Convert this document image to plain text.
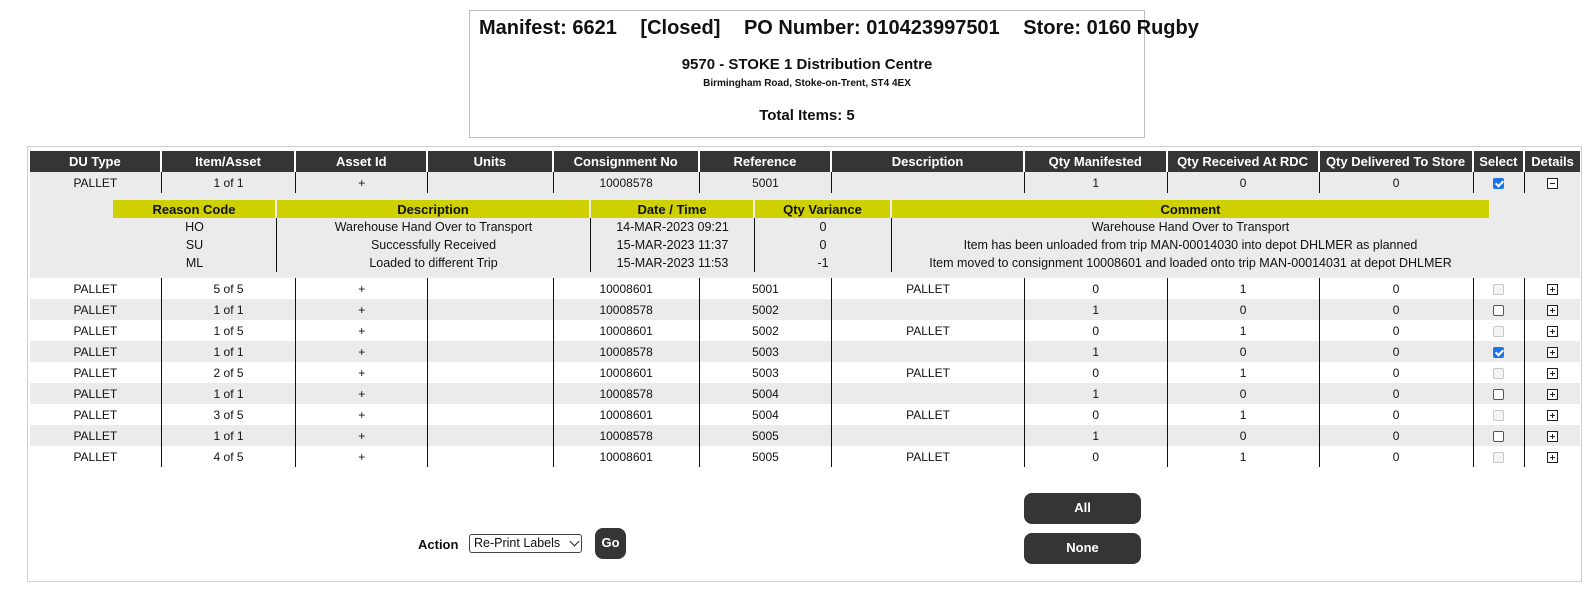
Manifest: 6621 [Closed] PO Number: 010423997501 Store: 0160 Rugby
9570 - STOKE 1 Distribution Centre
Birmingham Road, Stoke-on-Trent, ST4 4EX
Total Items: 5
DU Type	Item/Asset	Asset Id	Units	Consignment No	Reference	Description	Qty Manifested	Qty Received At RDC	Qty Delivered To Store	Select	Details
PALLET	1 of 1	+		10008578	5001		1	0	0		

Reason Code	Description	Date / Time	Qty Variance	Comment
HO	Warehouse Hand Over to Transport	14-MAR-2023 09:21	0	Warehouse Hand Over to Transport
SU	Successfully Received	15-MAR-2023 11:37	0	Item has been unloaded from trip MAN-00014030 into depot DHLMER as planned
ML	Loaded to different Trip	15-MAR-2023 11:53	-1	Item moved to consignment 10008601 and loaded onto trip MAN-00014031 at depot DHLMER

PALLET	5 of 5	+		10008601	5001	PALLET	0	1	0		
PALLET	1 of 1	+		10008578	5002		1	0	0		
PALLET	1 of 5	+		10008601	5002	PALLET	0	1	0		
PALLET	1 of 1	+		10008578	5003		1	0	0		
PALLET	2 of 5	+		10008601	5003	PALLET	0	1	0		
PALLET	1 of 1	+		10008578	5004		1	0	0		
PALLET	3 of 5	+		10008601	5004	PALLET	0	1	0		
PALLET	1 of 1	+		10008578	5005		1	0	0		
PALLET	4 of 5	+		10008601	5005	PALLET	0	1	0		
All
None
Action	Re-Print Labels	Go
